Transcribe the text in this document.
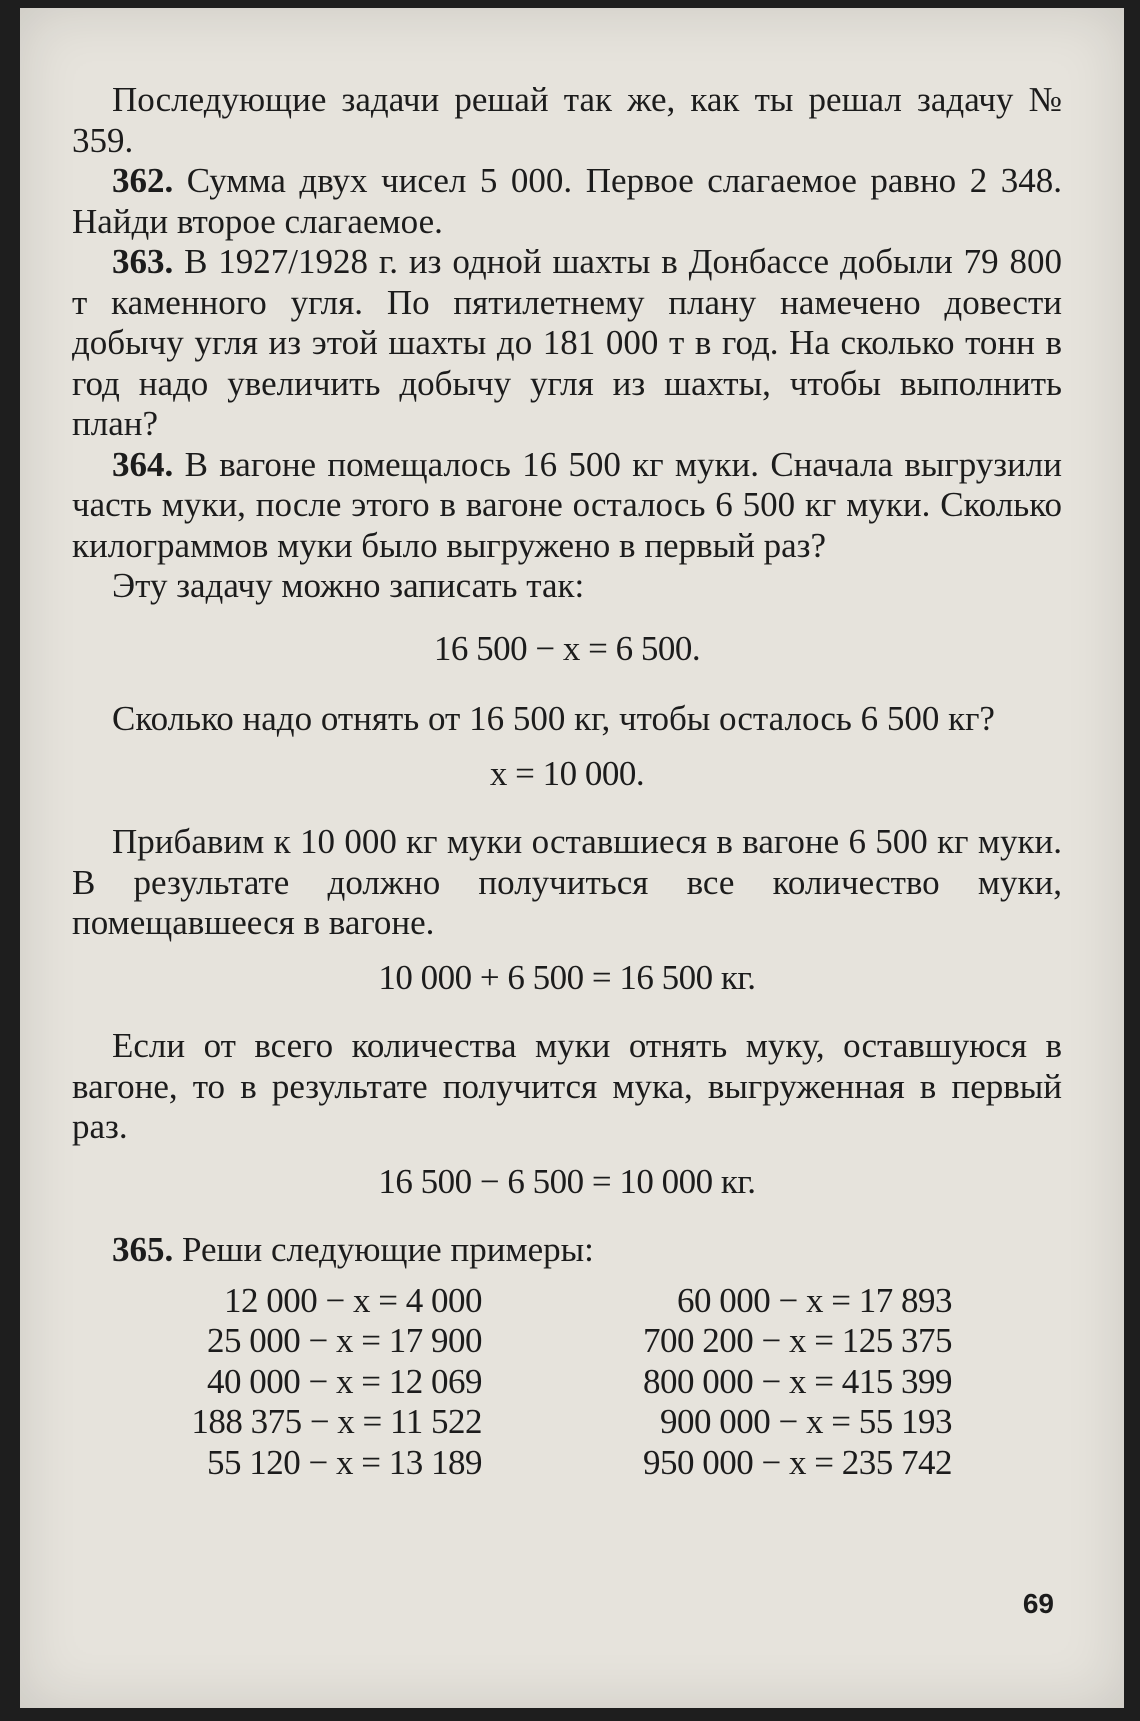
Последующие задачи решай так же, как ты решал задачу № 359.

362. Сумма двух чисел 5 000. Первое слагаемое равно 2 348. Найди второе слагаемое.

363. В 1927/1928 г. из одной шахты в Донбассе добыли 79 800 т каменного угля. По пятилетнему плану намечено довести добычу угля из этой шахты до 181 000 т в год. На сколько тонн в год надо увеличить добычу угля из шахты, чтобы выполнить план?

364. В вагоне помещалось 16 500 кг муки. Сначала выгрузили часть муки, после этого в вагоне осталось 6 500 кг муки. Сколько килограммов муки было выгружено в первый раз?

Эту задачу можно записать так:

16 500 − x = 6 500.

Сколько надо отнять от 16 500 кг, чтобы осталось 6 500 кг?

x = 10 000.

Прибавим к 10 000 кг муки оставшиеся в вагоне 6 500 кг муки. В результате должно получиться все количество муки, помещавшееся в вагоне.

10 000 + 6 500 = 16 500 кг.

Если от всего количества муки отнять муку, оставшуюся в вагоне, то в результате получится мука, выгруженная в первый раз.

16 500 − 6 500 = 10 000 кг.

365. Реши следующие примеры:

12 000 − x = 4 000
25 000 − x = 17 900
40 000 − x = 12 069
188 375 − x = 11 522
55 120 − x = 13 189
60 000 − x = 17 893
700 200 − x = 125 375
800 000 − x = 415 399
900 000 − x = 55 193
950 000 − x = 235 742
69
